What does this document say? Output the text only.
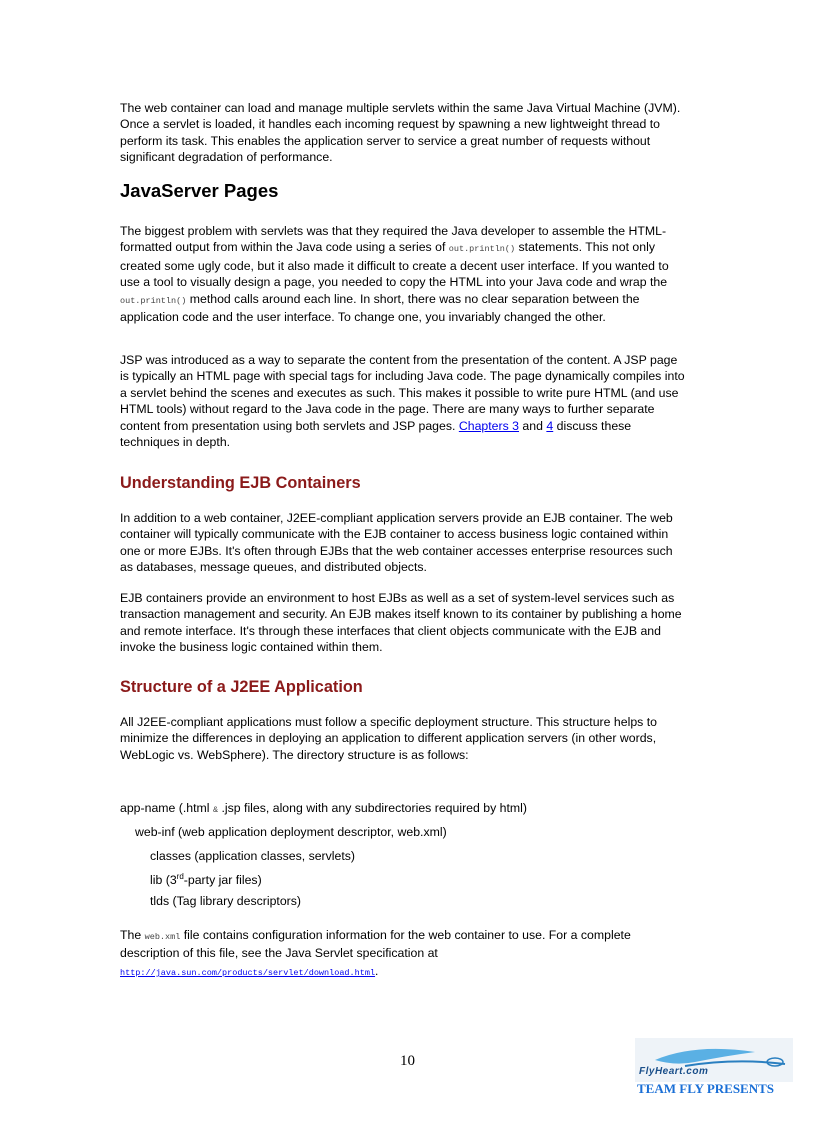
The web container can load and manage multiple servlets within the same Java Virtual Machine (JVM). Once a servlet is loaded, it handles each incoming request by spawning a new lightweight thread to perform its task. This enables the application server to service a great number of requests without significant degradation of performance.

JavaServer Pages

The biggest problem with servlets was that they required the Java developer to assemble the HTML-formatted output from within the Java code using a series of out.println() statements. This not only created some ugly code, but it also made it difficult to create a decent user interface. If you wanted to use a tool to visually design a page, you needed to copy the HTML into your Java code and wrap the out.println() method calls around each line. In short, there was no clear separation between the application code and the user interface. To change one, you invariably changed the other.

JSP was introduced as a way to separate the content from the presentation of the content. A JSP page is typically an HTML page with special tags for including Java code. The page dynamically compiles into a servlet behind the scenes and executes as such. This makes it possible to write pure HTML (and use HTML tools) without regard to the Java code in the page. There are many ways to further separate content from presentation using both servlets and JSP pages. Chapters 3 and 4 discuss these techniques in depth.

Understanding EJB Containers

In addition to a web container, J2EE-compliant application servers provide an EJB container. The web container will typically communicate with the EJB container to access business logic contained within one or more EJBs. It's often through EJBs that the web container accesses enterprise resources such as databases, message queues, and distributed objects.

EJB containers provide an environment to host EJBs as well as a set of system-level services such as transaction management and security. An EJB makes itself known to its container by publishing a home and remote interface. It's through these interfaces that client objects communicate with the EJB and invoke the business logic contained within them.

Structure of a J2EE Application

All J2EE-compliant applications must follow a specific deployment structure. This structure helps to minimize the differences in deploying an application to different application servers (in other words, WebLogic vs. WebSphere). The directory structure is as follows:

app-name (.html & .jsp files, along with any subdirectories required by html)
web-inf (web application deployment descriptor, web.xml)
classes (application classes, servlets)
lib (3rd-party jar files)
tlds (Tag library descriptors)

The web.xml file contains configuration information for the web container to use. For a complete description of this file, see the Java Servlet specification at

http://java.sun.com/products/servlet/download.html.
10
FlyHeart.com
TEAM FLY PRESENTS
